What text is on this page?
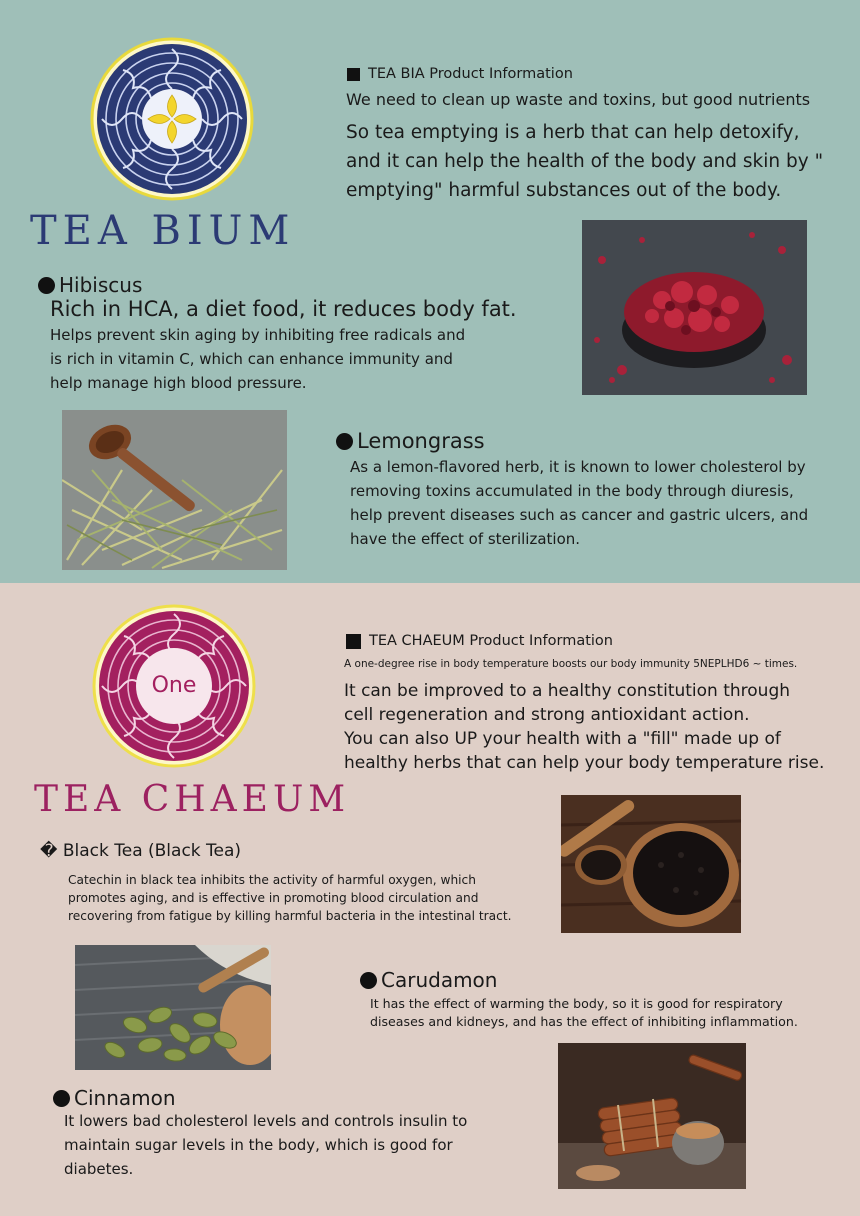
TEA BIUM
TEA BIA Product Information
We need to clean up waste and toxins, but good nutrients
So tea emptying is a herb that can help detoxify,
and it can help the health of the body and skin by "
emptying" harmful substances out of the body.
Hibiscus
Rich in HCA, a diet food, it reduces body fat.
Helps prevent skin aging by inhibiting free radicals and
is rich in vitamin C, which can enhance immunity and
help manage high blood pressure.
Lemongrass
As a lemon-flavored herb, it is known to lower cholesterol by
removing toxins accumulated in the body through diuresis,
help prevent diseases such as cancer and gastric ulcers, and
have the effect of sterilization.
One
TEA CHAEUM
TEA CHAEUM Product Information
A one-degree rise in body temperature boosts our body immunity 5NEPLHD6 ~ times.
It can be improved to a healthy constitution through
cell regeneration and strong antioxidant action.
You can also UP your health with a "fill" made up of
healthy herbs that can help your body temperature rise.
� Black Tea (Black Tea)
Catechin in black tea inhibits the activity of harmful oxygen, which
promotes aging, and is effective in promoting blood circulation and
recovering from fatigue by killing harmful bacteria in the intestinal tract.
Carudamon
It has the effect of warming the body, so it is good for respiratory
diseases and kidneys, and has the effect of inhibiting inflammation.
Cinnamon
It lowers bad cholesterol levels and controls insulin to
maintain sugar levels in the body, which is good for
diabetes.
